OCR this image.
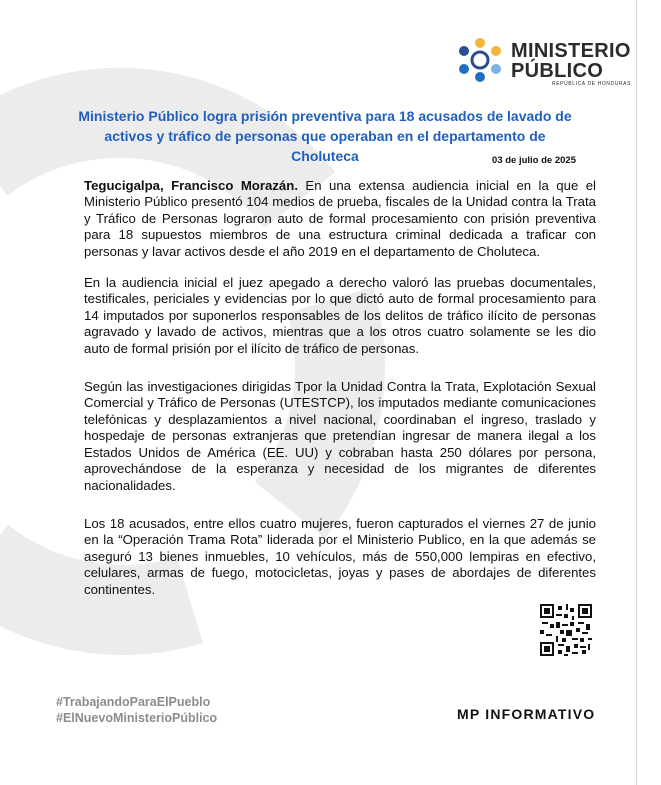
MINISTERIO
PÚBLICO
REPÚBLICA DE HONDURAS
Ministerio Público logra prisión preventiva para 18 acusados de lavado de activos y tráfico de personas que operaban en el departamento de Choluteca	03 de julio de 2025

Tegucigalpa, Francisco Morazán. En una extensa audiencia inicial en la que el Ministerio Público presentó 104 medios de prueba, fiscales de la Unidad contra la Trata y Tráfico de Personas lograron auto de formal procesamiento con prisión preventiva para 18 supuestos miembros de una estructura criminal dedicada a traficar con personas y lavar activos desde el año 2019 en el departamento de Choluteca.

En la audiencia inicial el juez apegado a derecho valoró las pruebas documentales, testificales, periciales y evidencias por lo que dictó auto de formal procesamiento para 14 imputados por suponerlos responsables de los delitos de tráfico ilícito de personas agravado y lavado de activos, mientras que a los otros cuatro solamente se les dio auto de formal prisión por el ilícito de tráfico de personas.

Según las investigaciones dirigidas Tpor la Unidad Contra la Trata, Explotación Sexual Comercial y Tráfico de Personas (UTESTCP), los imputados mediante comunicaciones telefónicas y desplazamientos a nivel nacional, coordinaban el ingreso, traslado y hospedaje de personas extranjeras que pretendían ingresar de manera ilegal a los Estados Unidos de América (EE. UU) y cobraban hasta 250 dólares por persona, aprovechándose de la esperanza y necesidad de los migrantes de diferentes nacionalidades.

Los 18 acusados, entre ellos cuatro mujeres, fueron capturados el viernes 27 de junio en la “Operación Trama Rota” liderada por el Ministerio Publico, en la que además se aseguró 13 bienes inmuebles, 10 vehículos, más de 550,000 lempiras en efectivo, celulares, armas de fuego, motocicletas, joyas y pases de abordajes de diferentes continentes.

#TrabajandoParaElPueblo
#ElNuevoMinisterioPúblico	MP INFORMATIVO
